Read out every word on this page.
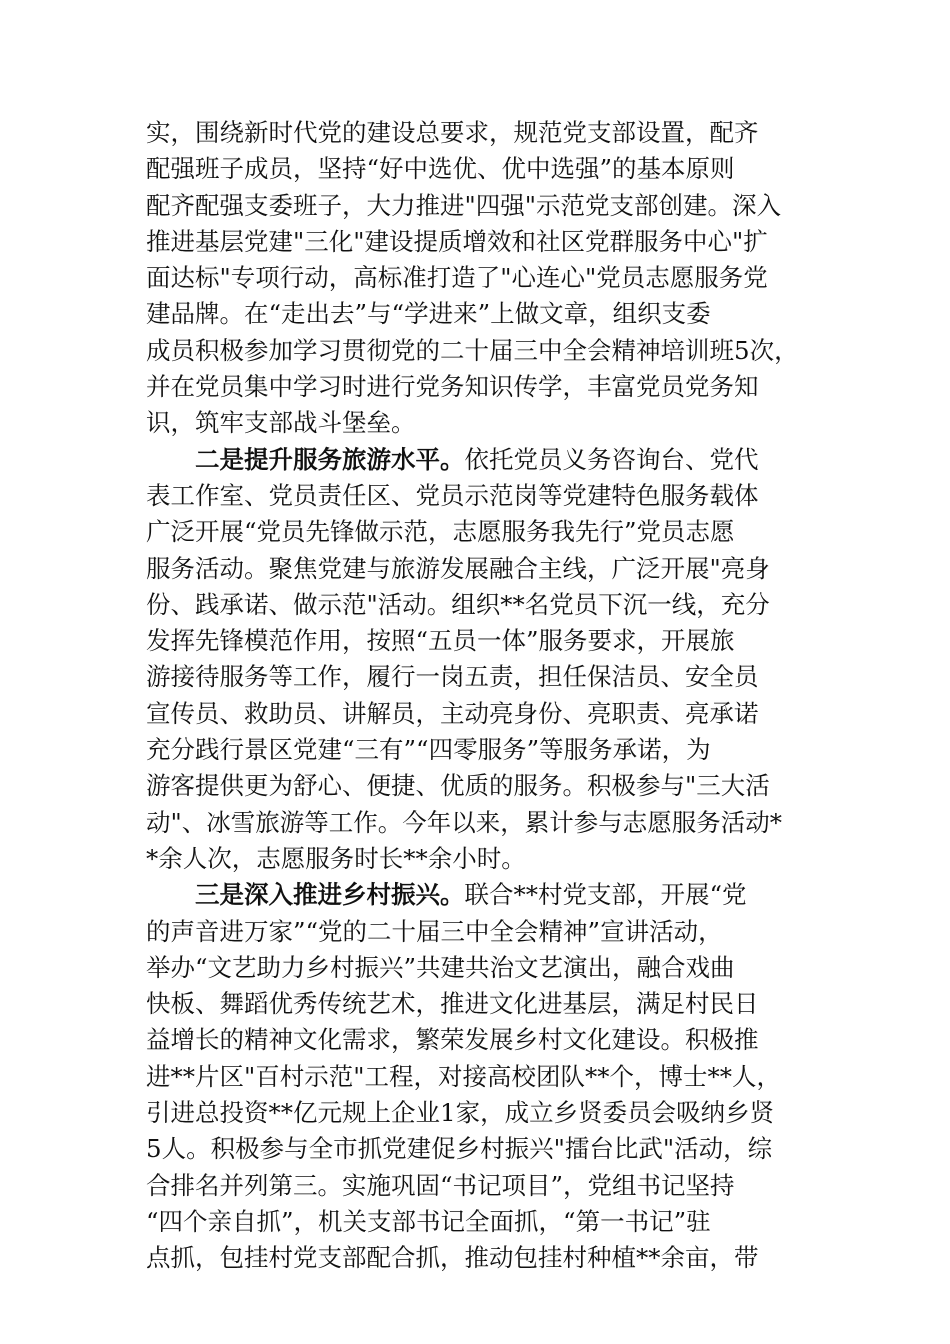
实，围绕新时代党的建设总要求，规范党支部设置，配齐
配强班子成员，坚持“好中选优、优中选强”的基本原则
配齐配强支委班子，大力推进"四强"示范党支部创建。深入
推进基层党建"三化"建设提质增效和社区党群服务中心"扩
面达标"专项行动，高标准打造了"心连心"党员志愿服务党
建品牌。在“走出去”与“学进来”上做文章，组织支委
成员积极参加学习贯彻党的二十届三中全会精神培训班5次，
并在党员集中学习时进行党务知识传学，丰富党员党务知
识，筑牢支部战斗堡垒。
二是提升服务旅游水平。依托党员义务咨询台、党代
表工作室、党员责任区、党员示范岗等党建特色服务载体
广泛开展“党员先锋做示范，志愿服务我先行”党员志愿
服务活动。聚焦党建与旅游发展融合主线，广泛开展"亮身
份、践承诺、做示范"活动。组织**名党员下沉一线，充分
发挥先锋模范作用，按照“五员一体”服务要求，开展旅
游接待服务等工作，履行一岗五责，担任保洁员、安全员
宣传员、救助员、讲解员，主动亮身份、亮职责、亮承诺
充分践行景区党建“三有”“四零服务”等服务承诺，为
游客提供更为舒心、便捷、优质的服务。积极参与"三大活
动"、冰雪旅游等工作。今年以来，累计参与志愿服务活动*
*余人次，志愿服务时长**余小时。
三是深入推进乡村振兴。联合**村党支部，开展“党
的声音进万家”“党的二十届三中全会精神”宣讲活动，
举办“文艺助力乡村振兴”共建共治文艺演出，融合戏曲
快板、舞蹈优秀传统艺术，推进文化进基层，满足村民日
益增长的精神文化需求，繁荣发展乡村文化建设。积极推
进**片区"百村示范"工程，对接高校团队**个，博士**人，
引进总投资**亿元规上企业1家，成立乡贤委员会吸纳乡贤
5人。积极参与全市抓党建促乡村振兴"擂台比武"活动，综
合排名并列第三。实施巩固“书记项目”，党组书记坚持
“四个亲自抓”，机关支部书记全面抓，“第一书记”驻
点抓，包挂村党支部配合抓，推动包挂村种植**余亩，带
